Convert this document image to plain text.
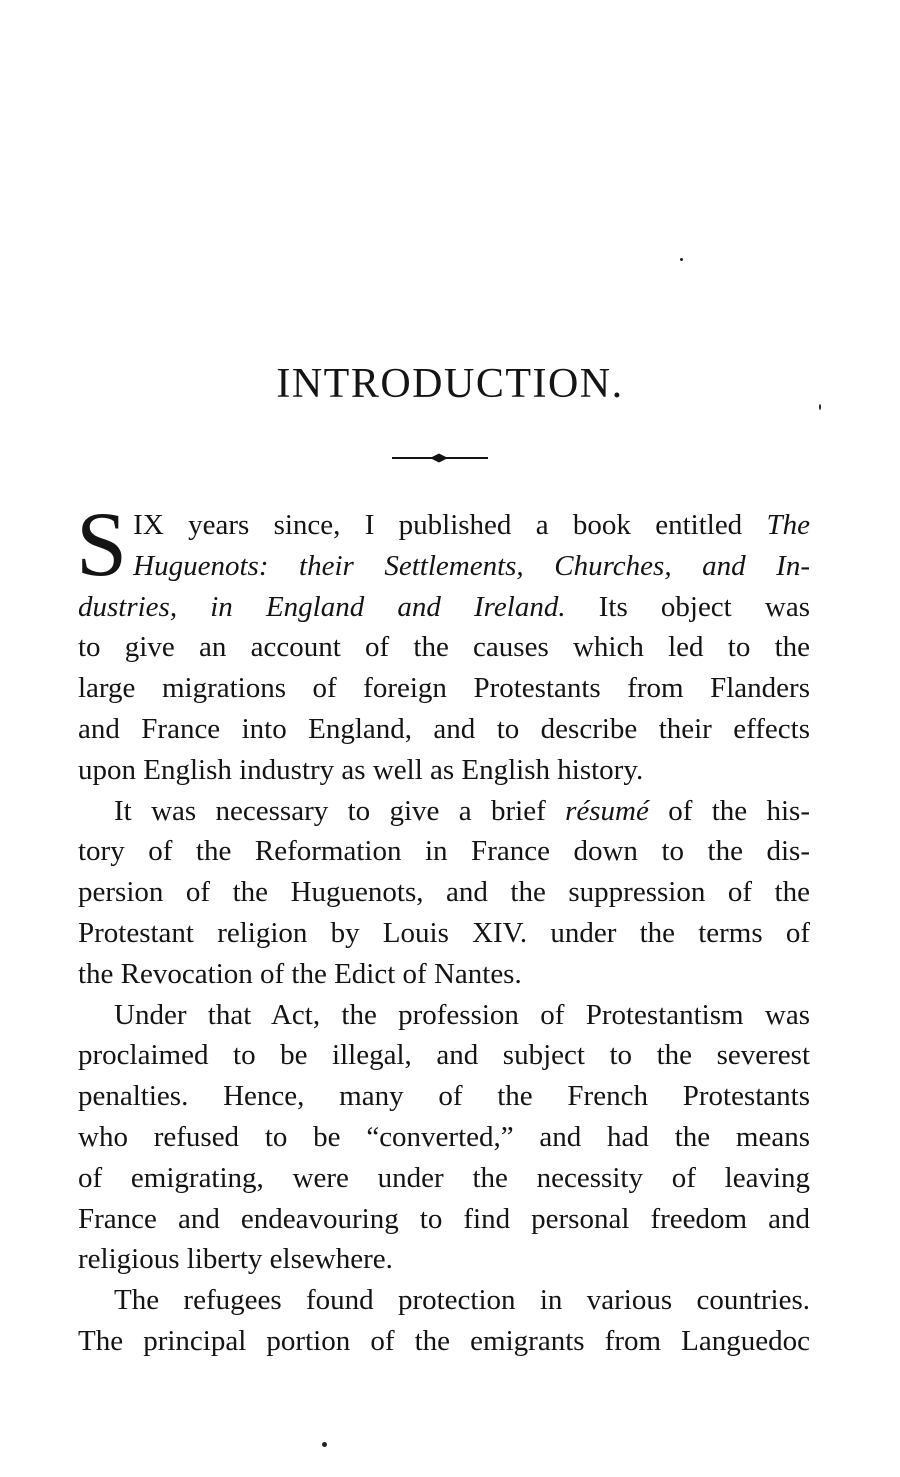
INTRODUCTION.
S IX years since, I published a book entitled The
Huguenots: their Settlements, Churches, and In-
dustries, in England and Ireland. Its object was
to give an account of the causes which led to the
large migrations of foreign Protestants from Flanders
and France into England, and to describe their effects
upon English industry as well as English history.
It was necessary to give a brief résumé of the his-
tory of the Reformation in France down to the dis-
persion of the Huguenots, and the suppression of the
Protestant religion by Louis XIV. under the terms of
the Revocation of the Edict of Nantes.
Under that Act, the profession of Protestantism was
proclaimed to be illegal, and subject to the severest
penalties. Hence, many of the French Protestants
who refused to be “converted,” and had the means
of emigrating, were under the necessity of leaving
France and endeavouring to find personal freedom and
religious liberty elsewhere.
The refugees found protection in various countries.
The principal portion of the emigrants from Languedoc
